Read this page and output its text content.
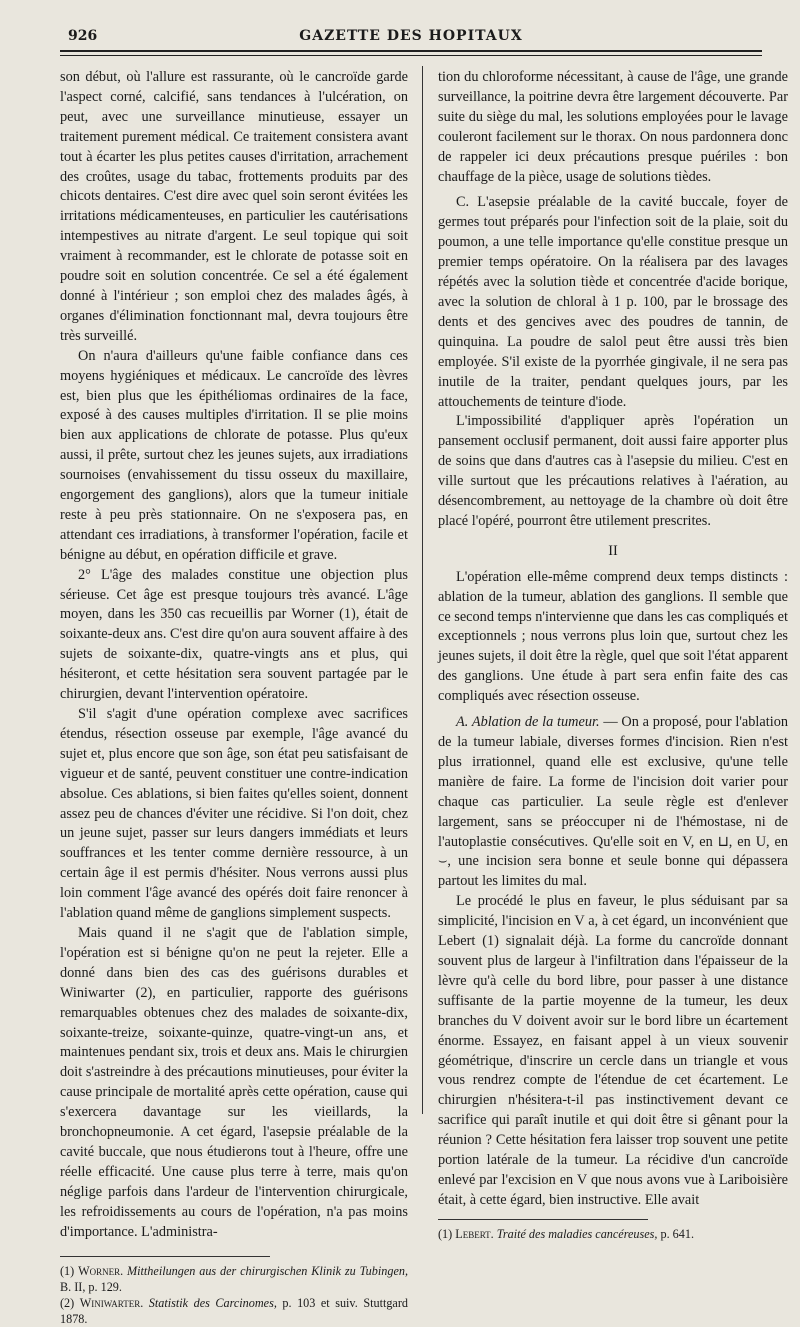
926	GAZETTE DES HOPITAUX

son début, où l'allure est rassurante, où le cancroïde garde l'aspect corné, calcifié, sans tendances à l'ulcération, on peut, avec une surveillance minutieuse, essayer un traitement purement médical. Ce traitement consistera avant tout à écarter les plus petites causes d'irritation, arrachement des croûtes, usage du tabac, frottements produits par des chicots dentaires. C'est dire avec quel soin seront évitées les irritations médicamenteuses, en particulier les cautérisations intempestives au nitrate d'argent. Le seul topique qui soit vraiment à recommander, est le chlorate de potasse soit en poudre soit en solution concentrée. Ce sel a été également donné à l'intérieur ; son emploi chez des malades âgés, à organes d'élimination fonctionnant mal, devra toujours être très surveillé.

On n'aura d'ailleurs qu'une faible confiance dans ces moyens hygiéniques et médicaux. Le cancroïde des lèvres est, bien plus que les épithéliomas ordinaires de la face, exposé à des causes multiples d'irritation. Il se plie moins bien aux applications de chlorate de potasse. Plus qu'eux aussi, il prête, surtout chez les jeunes sujets, aux irradiations sournoises (envahissement du tissu osseux du maxillaire, engorgement des ganglions), alors que la tumeur initiale reste à peu près stationnaire. On ne s'exposera pas, en attendant ces irradiations, à transformer l'opération, facile et bénigne au début, en opération difficile et grave.

2° L'âge des malades constitue une objection plus sérieuse. Cet âge est presque toujours très avancé. L'âge moyen, dans les 350 cas recueillis par Worner (1), était de soixante-deux ans. C'est dire qu'on aura souvent affaire à des sujets de soixante-dix, quatre-vingts ans et plus, qui hésiteront, et cette hésitation sera souvent partagée par le chirurgien, devant l'intervention opératoire.

S'il s'agit d'une opération complexe avec sacrifices étendus, résection osseuse par exemple, l'âge avancé du sujet et, plus encore que son âge, son état peu satisfaisant de vigueur et de santé, peuvent constituer une contre-indication absolue. Ces ablations, si bien faites qu'elles soient, donnent assez peu de chances d'éviter une récidive. Si l'on doit, chez un jeune sujet, passer sur leurs dangers immédiats et leurs souffrances et les tenter comme dernière ressource, à un certain âge il est permis d'hésiter. Nous verrons aussi plus loin comment l'âge avancé des opérés doit faire renoncer à l'ablation quand même de ganglions simplement suspects.

Mais quand il ne s'agit que de l'ablation simple, l'opération est si bénigne qu'on ne peut la rejeter. Elle a donné dans bien des cas des guérisons durables et Winiwarter (2), en particulier, rapporte des guérisons remarquables obtenues chez des malades de soixante-dix, soixante-treize, soixante-quinze, quatre-vingt-un ans, et maintenues pendant six, trois et deux ans. Mais le chirurgien doit s'astreindre à des précautions minutieuses, pour éviter la cause principale de mortalité après cette opération, cause qui s'exercera davantage sur les vieillards, la bronchopneumonie. A cet égard, l'asepsie préalable de la cavité buccale, que nous étudierons tout à l'heure, offre une réelle efficacité. Une cause plus terre à terre, mais qu'on néglige parfois dans l'ardeur de l'intervention chirurgicale, les refroidissements au cours de l'opération, n'a pas moins d'importance. L'administra-

(1) Worner. Mittheilungen aus der chirurgischen Klinik zu Tubingen, B. II, p. 129.

(2) Winiwarter. Statistik des Carcinomes, p. 103 et suiv. Stuttgard 1878.

tion du chloroforme nécessitant, à cause de l'âge, une grande surveillance, la poitrine devra être largement découverte. Par suite du siège du mal, les solutions employées pour le lavage couleront facilement sur le thorax. On nous pardonnera donc de rappeler ici deux précautions presque puériles : bon chauffage de la pièce, usage de solutions tièdes.

C. L'asepsie préalable de la cavité buccale, foyer de germes tout préparés pour l'infection soit de la plaie, soit du poumon, a une telle importance qu'elle constitue presque un premier temps opératoire. On la réalisera par des lavages répétés avec la solution tiède et concentrée d'acide borique, avec la solution de chloral à 1 p. 100, par le brossage des dents et des gencives avec des poudres de tannin, de quinquina. La poudre de salol peut être aussi très bien employée. S'il existe de la pyorrhée gingivale, il ne sera pas inutile de la traiter, pendant quelques jours, par les attouchements de teinture d'iode.

L'impossibilité d'appliquer après l'opération un pansement occlusif permanent, doit aussi faire apporter plus de soins que dans d'autres cas à l'asepsie du milieu. C'est en ville surtout que les précautions relatives à l'aération, au désencombrement, au nettoyage de la chambre où doit être placé l'opéré, pourront être utilement prescrites.

II

L'opération elle-même comprend deux temps distincts : ablation de la tumeur, ablation des ganglions. Il semble que ce second temps n'intervienne que dans les cas compliqués et exceptionnels ; nous verrons plus loin que, surtout chez les jeunes sujets, il doit être la règle, quel que soit l'état apparent des ganglions. Une étude à part sera enfin faite des cas compliqués avec résection osseuse.

A. Ablation de la tumeur. — On a proposé, pour l'ablation de la tumeur labiale, diverses formes d'incision. Rien n'est plus irrationnel, quand elle est exclusive, qu'une telle manière de faire. La forme de l'incision doit varier pour chaque cas particulier. La seule règle est d'enlever largement, sans se préoccuper ni de l'hémostase, ni de l'autoplastie consécutives. Qu'elle soit en V, en ⊔, en U, en ⌣, une incision sera bonne et seule bonne qui dépassera partout les limites du mal.

Le procédé le plus en faveur, le plus séduisant par sa simplicité, l'incision en V a, à cet égard, un inconvénient que Lebert (1) signalait déjà. La forme du cancroïde donnant souvent plus de largeur à l'infiltration dans l'épaisseur de la lèvre qu'à celle du bord libre, pour passer à une distance suffisante de la partie moyenne de la tumeur, les deux branches du V doivent avoir sur le bord libre un écartement énorme. Essayez, en faisant appel à un vieux souvenir géométrique, d'inscrire un cercle dans un triangle et vous vous rendrez compte de l'étendue de cet écartement. Le chirurgien n'hésitera-t-il pas instinctivement devant ce sacrifice qui paraît inutile et qui doit être si gênant pour la réunion ? Cette hésitation fera laisser trop souvent une petite portion latérale de la tumeur. La récidive d'un cancroïde enlevé par l'excision en V que nous avons vue à Lariboisière était, à cette égard, bien instructive. Elle avait

(1) Lebert. Traité des maladies cancéreuses, p. 641.
